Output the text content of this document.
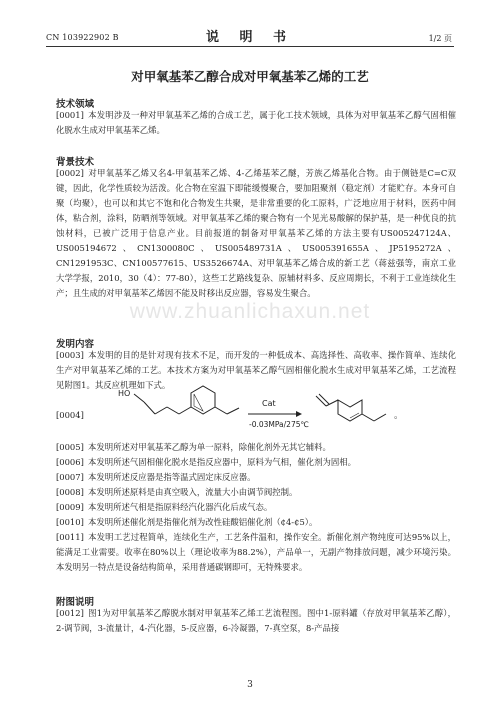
CN 103922902 B	说 明 书	1/2 页
对甲氧基苯乙醇合成对甲氧基苯乙烯的工艺
技术领域
[0001] 本发明涉及一种对甲氧基苯乙烯的合成工艺，属于化工技术领域，具体为对甲氧基苯乙醇气固相催化脱水生成对甲氧基苯乙烯。
背景技术
[0002] 对甲氧基苯乙烯又名4-甲氧基苯乙烯、4-乙烯基苯乙醚，芳族乙烯基化合物。由于侧链是C=C双键，因此，化学性质较为活泼。化合物在室温下即能缓慢聚合，要加阻聚剂（稳定剂）才能贮存。本身可自聚（均聚），也可以和其它不饱和化合物发生共聚，是非常重要的化工原料，广泛地应用于材料，医药中间体，粘合剂，涂料，防晒剂等领域。对甲氧基苯乙烯的聚合物有一个见光易酸解的保护基，是一种优良的抗蚀材料，已被广泛用于信息产业。目前报道的制备对甲氧基苯乙烯的方法主要有US005247124A、US005194672、CN1300080C、US005489731A、US005391655A、JP5195272A、CN1291953C、CN100577615、US3526674A、对甲氧基苯乙烯合成的新工艺（蒋兹强等，南京工业大学学报，2010，30（4）：77-80），这些工艺路线复杂、原辅材料多、反应周期长，不利于工业连续化生产；且生成的对甲氧基苯乙烯因不能及时移出反应器，容易发生聚合。
www.zhuanlichaxun.net
发明内容
[0003] 本发明的目的是针对现有技术不足，而开发的一种低成本、高选择性、高收率、操作简单、连续化生产对甲氧基苯乙烯的工艺。本技术方案为对甲氧基苯乙醇气固相催化脱水生成对甲氧基苯乙烯，工艺流程见附图1。其反应机理如下式。
[0004]
HO
Cat
-0.03MPa/275℃
。
[0005] 本发明所述对甲氧基苯乙醇为单一原料，除催化剂外无其它辅料。
[0006] 本发明所述气固相催化脱水是指反应器中，原料为气相，催化剂为固相。
[0007] 本发明所述反应器是指等温式固定床反应器。
[0008] 本发明所述原料是由真空吸入，流量大小由调节阀控制。
[0009] 本发明所述气相是指原料经汽化器汽化后成气态。
[0010] 本发明所述催化剂是指催化剂为改性硅酸铝催化剂（¢4-¢5）。
[0011] 本发明工艺过程简单，连续化生产，工艺条件温和，操作安全。新催化剂产物纯度可达95%以上，能满足工业需要。收率在80%以上（理论收率为88.2%），产品单一，无副产物排放问题，减少环境污染。本发明另一特点是设备结构简单，采用普通碳钢即可，无特殊要求。
附图说明
[0012] 图1为对甲氧基苯乙醇脱水制对甲氧基苯乙烯工艺流程图。图中1-原料罐（存放对甲氧基苯乙醇），2-调节阀，3-流量计，4-汽化器，5-反应器，6-冷凝器，7-真空泵，8-产品接
3
